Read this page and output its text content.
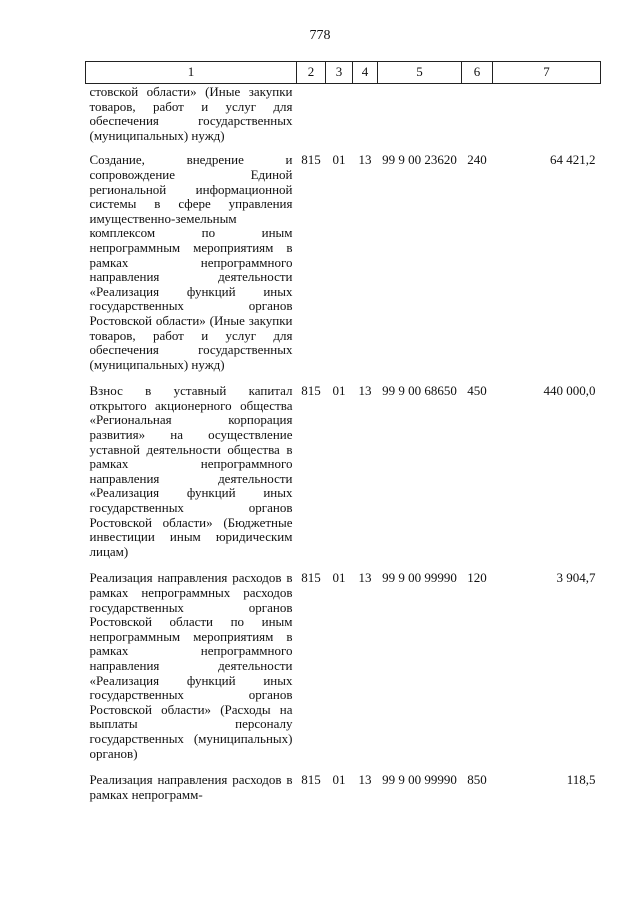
778
1	2	3	4	5	6	7
стовской области» (Иные закупки товаров, работ и услуг для обеспечения государственных (муниципальных) нужд)						
Создание, внедрение и сопровождение Единой региональной информационной системы в сфере управления имущественно-земельным комплексом по иным непрограммным мероприятиям в рамках непрограммного направления деятельности «Реализация функций иных государственных органов Ростовской области» (Иные закупки товаров, работ и услуг для обеспечения государственных (муниципальных) нужд)	815	01	13	99 9 00 23620	240	64 421,2
Взнос в уставный капитал открытого акционерного общества «Региональная корпорация развития» на осуществление уставной деятельности общества в рамках непрограммного направления деятельности «Реализация функций иных государственных органов Ростовской области» (Бюджетные инвестиции иным юридическим лицам)	815	01	13	99 9 00 68650	450	440 000,0
Реализация направления расходов в рамках непрограммных расходов государственных органов Ростовской области по иным непрограммным мероприятиям в рамках непрограммного направления деятельности «Реализация функций иных государственных органов Ростовской области» (Расходы на выплаты персоналу государственных (муниципальных) органов)	815	01	13	99 9 00 99990	120	3 904,7
Реализация направления расходов в рамках непрограмм-	815	01	13	99 9 00 99990	850	118,5
